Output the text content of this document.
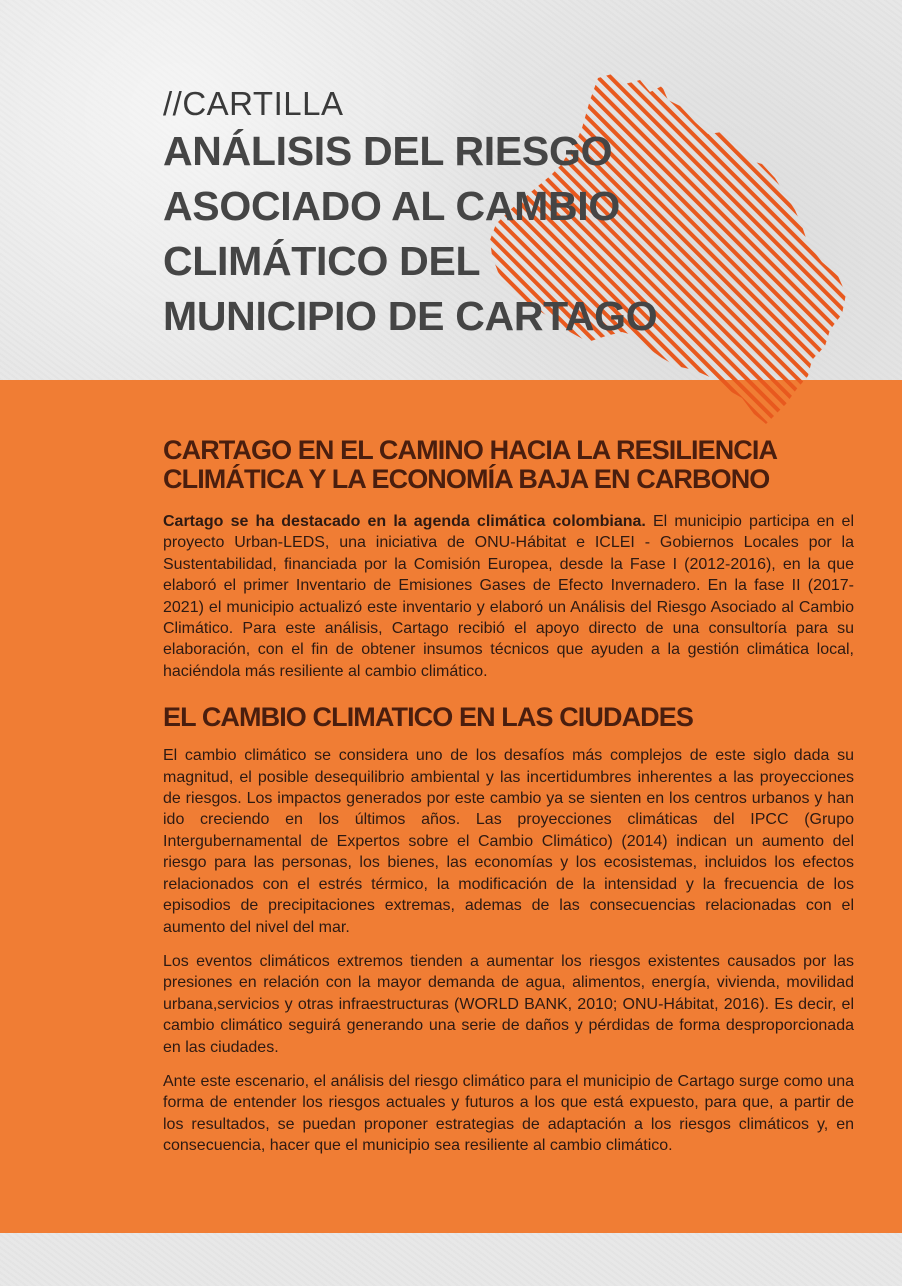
//CARTILLA
ANÁLISIS DEL RIESGO
ASOCIADO AL CAMBIO
CLIMÁTICO DEL
MUNICIPIO DE CARTAGO
CARTAGO EN EL CAMINO HACIA LA RESILIENCIA
CLIMÁTICA Y LA ECONOMÍA BAJA EN CARBONO

Cartago se ha destacado en la agenda climática colombiana. El municipio participa en el proyecto Urban-LEDS, una iniciativa de ONU-Hábitat e ICLEI - Gobiernos Locales por la Sustentabilidad, financiada por la Comisión Europea, desde la Fase I (2012-2016), en la que elaboró el primer Inventario de Emisiones Gases de Efecto Invernadero. En la fase II (2017-2021) el municipio actualizó este inventario y elaboró un Análisis del Riesgo Asociado al Cambio Climático. Para este análisis, Cartago recibió el apoyo directo de una consultoría para su elaboración, con el fin de obtener insumos técnicos que ayuden a la gestión climática local, haciéndola más resiliente al cambio climático.

EL CAMBIO CLIMATICO EN LAS CIUDADES

El cambio climático se considera uno de los desafíos más complejos de este siglo dada su magnitud, el posible desequilibrio ambiental y las incertidumbres inherentes a las proyecciones de riesgos. Los impactos generados por este cambio ya se sienten en los centros urbanos y han ido creciendo en los últimos años. Las proyecciones climáticas del IPCC (Grupo Intergubernamental de Expertos sobre el Cambio Climático) (2014) indican un aumento del riesgo para las personas, los bienes, las economías y los ecosistemas, incluidos los efectos relacionados con el estrés térmico, la modificación de la intensidad y la frecuencia de los episodios de precipitaciones extremas, ademas de las consecuencias relacionadas con el aumento del nivel del mar.

Los eventos climáticos extremos tienden a aumentar los riesgos existentes causados por las presiones en relación con la mayor demanda de agua, alimentos, energía, vivienda, movilidad urbana,servicios y otras infraestructuras (WORLD BANK, 2010; ONU-Hábitat, 2016). Es decir, el cambio climático seguirá generando una serie de daños y pérdidas de forma desproporcionada en las ciudades.

Ante este escenario, el análisis del riesgo climático para el municipio de Cartago surge como una forma de entender los riesgos actuales y futuros a los que está expuesto, para que, a partir de los resultados, se puedan proponer estrategias de adaptación a los riesgos climáticos y, en consecuencia, hacer que el municipio sea resiliente al cambio climático.
